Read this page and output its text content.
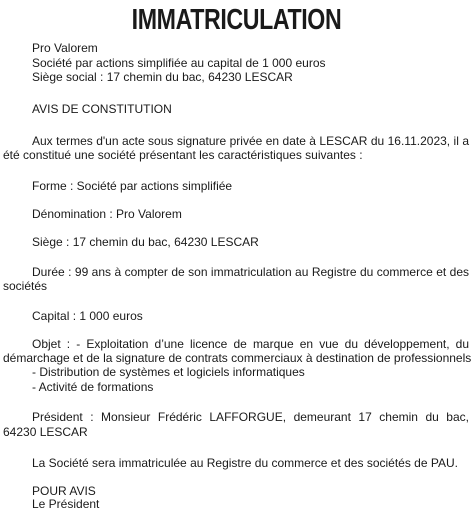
IMMATRICULATION
Pro Valorem
Société par actions simplifiée au capital de 1 000 euros
Siège social : 17 chemin du bac, 64230 LESCAR
AVIS DE CONSTITUTION
Aux termes d'un acte sous signature privée en date à LESCAR du 16.11.2023, il a
été constitué une société présentant les caractéristiques suivantes :
Forme : Société par actions simplifiée
Dénomination : Pro Valorem
Siège : 17 chemin du bac, 64230 LESCAR
Durée : 99 ans à compter de son immatriculation au Registre du commerce et des
sociétés
Capital : 1 000 euros
Objet : - Exploitation d’une licence de marque en vue du développement, du
démarchage et de la signature de contrats commerciaux à destination de professionnels
- Distribution de systèmes et logiciels informatiques
- Activité de formations
Président : Monsieur Frédéric LAFFORGUE, demeurant 17 chemin du bac,
64230 LESCAR
La Société sera immatriculée au Registre du commerce et des sociétés de PAU.
POUR AVIS
Le Président
